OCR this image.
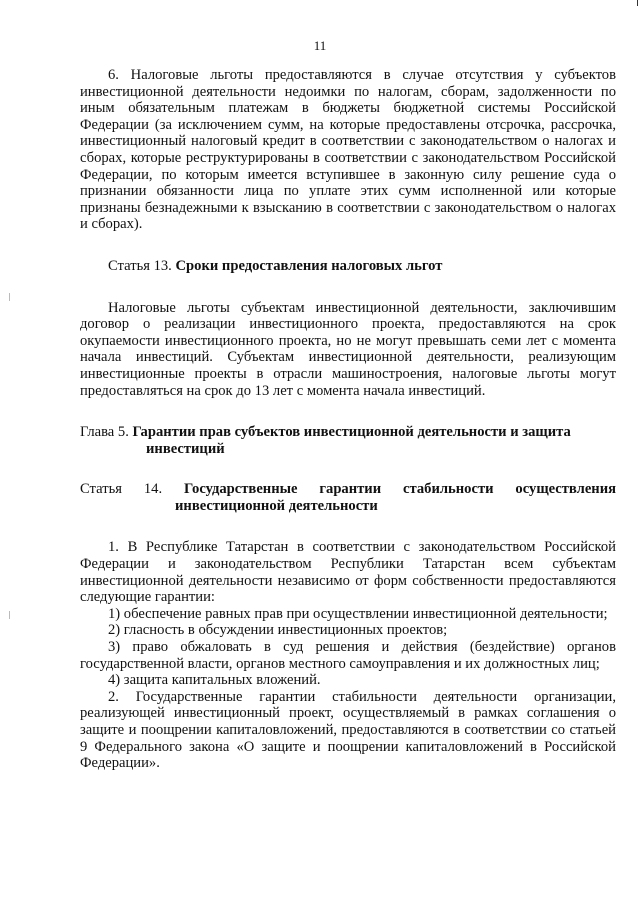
11

6. Налоговые льготы предоставляются в случае отсутствия у субъектов инвестиционной деятельности недоимки по налогам, сборам, задолженности по иным обязательным платежам в бюджеты бюджетной системы Российской Федерации (за исключением сумм, на которые предоставлены отсрочка, рассрочка, инвестиционный налоговый кредит в соответствии с законодательством о налогах и сборах, которые реструктурированы в соответствии с законодательством Российской Федерации, по которым имеется вступившее в законную силу решение суда о признании обязанности лица по уплате этих сумм исполненной или которые признаны безнадежными к взысканию в соответствии с законодательством о налогах и сборах).

Статья 13. Сроки предоставления налоговых льгот

Налоговые льготы субъектам инвестиционной деятельности, заключившим договор о реализации инвестиционного проекта, предоставляются на срок окупаемости инвестиционного проекта, но не могут превышать семи лет с момента начала инвестиций. Субъектам инвестиционной деятельности, реализующим инвестиционные проекты в отрасли машиностроения, налоговые льготы могут предоставляться на срок до 13 лет с момента начала инвестиций.

Глава 5. Гарантии прав субъектов инвестиционной деятельности и защита инвестиций

Статья 14. Государственные гарантии стабильности осуществления инвестиционной деятельности

1. В Республике Татарстан в соответствии с законодательством Российской Федерации и законодательством Республики Татарстан всем субъектам инвестиционной деятельности независимо от форм собственности предоставляются следующие гарантии:

1) обеспечение равных прав при осуществлении инвестиционной деятельности;

2) гласность в обсуждении инвестиционных проектов;

3) право обжаловать в суд решения и действия (бездействие) органов государственной власти, органов местного самоуправления и их должностных лиц;

4) защита капитальных вложений.

2. Государственные гарантии стабильности деятельности организации, реализующей инвестиционный проект, осуществляемый в рамках соглашения о защите и поощрении капиталовложений, предоставляются в соответствии со статьей 9 Федерального закона «О защите и поощрении капиталовложений в Российской Федерации».
